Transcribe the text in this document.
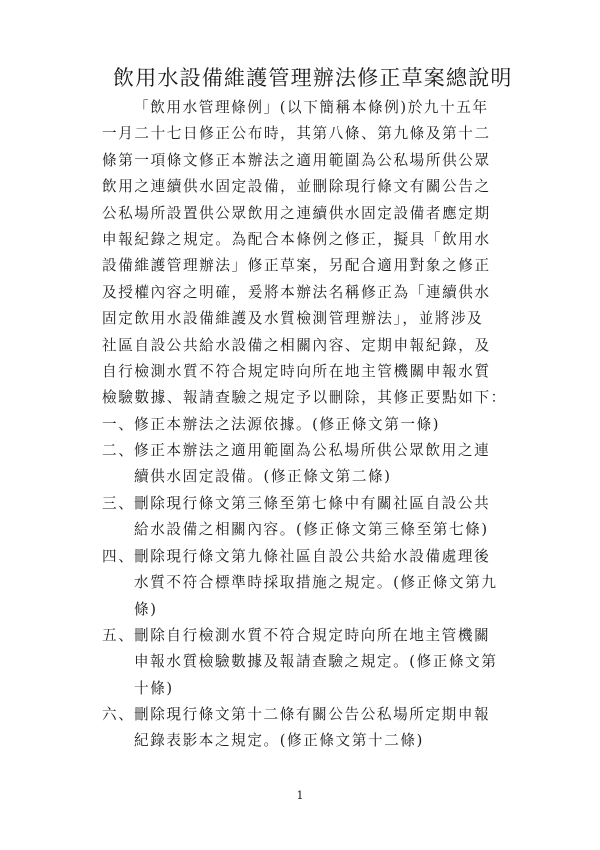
飲用水設備維護管理辦法修正草案總說明
「飲用水管理條例」(以下簡稱本條例)於九十五年
一月二十七日修正公布時，其第八條、第九條及第十二
條第一項條文修正本辦法之適用範圍為公私場所供公眾
飲用之連續供水固定設備，並刪除現行條文有關公告之
公私場所設置供公眾飲用之連續供水固定設備者應定期
申報紀錄之規定。為配合本條例之修正，擬具「飲用水
設備維護管理辦法」修正草案，另配合適用對象之修正
及授權內容之明確，爰將本辦法名稱修正為「連續供水
固定飲用水設備維護及水質檢測管理辦法」，並將涉及
社區自設公共給水設備之相關內容、定期申報紀錄，及
自行檢測水質不符合規定時向所在地主管機關申報水質
檢驗數據、報請查驗之規定予以刪除，其修正要點如下：
一、 修正本辦法之法源依據。(修正條文第一條)
二、 修正本辦法之適用範圍為公私場所供公眾飲用之連
續供水固定設備。(修正條文第二條)
三、 刪除現行條文第三條至第七條中有關社區自設公共
給水設備之相關內容。(修正條文第三條至第七條)
四、 刪除現行條文第九條社區自設公共給水設備處理後
水質不符合標準時採取措施之規定。(修正條文第九
條)
五、 刪除自行檢測水質不符合規定時向所在地主管機關
申報水質檢驗數據及報請查驗之規定。(修正條文第
十條)
六、 刪除現行條文第十二條有關公告公私場所定期申報
紀錄表影本之規定。(修正條文第十二條)
1
